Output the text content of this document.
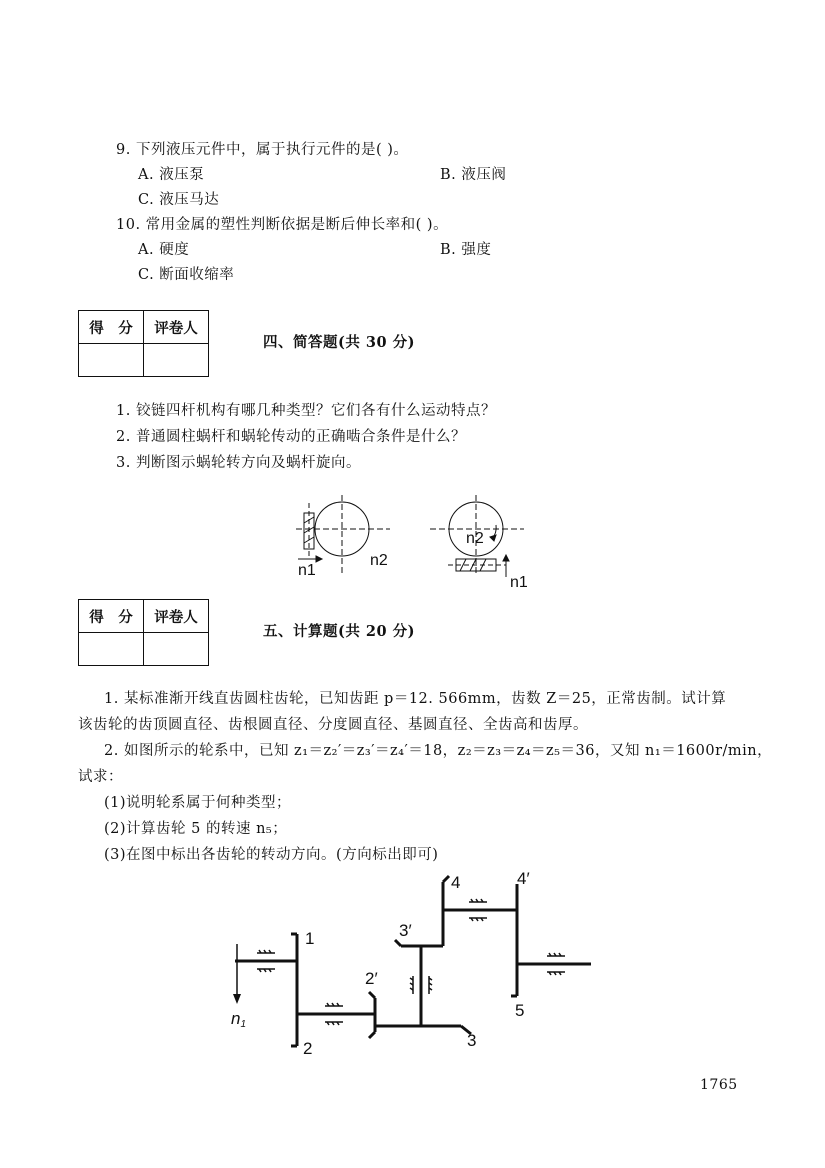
9. 下列液压元件中，属于执行元件的是( )。
A. 液压泵	B. 液压阀
C. 液压马达
10. 常用金属的塑性判断依据是断后伸长率和( )。
A. 硬度	B. 强度
C. 断面收缩率
得　分	评卷人

四、简答题(共 30 分)
1. 铰链四杆机构有哪几种类型？它们各有什么运动特点？
2. 普通圆柱蜗杆和蜗轮传动的正确啮合条件是什么？
3. 判断图示蜗轮转方向及蜗杆旋向。
n1
n2
n2
n1
得　分	评卷人

五、计算题(共 20 分)
1. 某标准渐开线直齿圆柱齿轮，已知齿距 p＝12. 566mm，齿数 Z＝25，正常齿制。试计算
该齿轮的齿顶圆直径、齿根圆直径、分度圆直径、基圆直径、全齿高和齿厚。
2. 如图所示的轮系中，已知 z₁＝z₂′＝z₃′＝z₄′＝18，z₂＝z₃＝z₄＝z₅＝36，又知 n₁＝1600r/min，
试求：
(1)说明轮系属于何种类型；
(2)计算齿轮 5 的转速 n₅；
(3)在图中标出各齿轮的转动方向。(方向标出即可)
1
2
2′
3
3′
4	4′
5
n1
1765
